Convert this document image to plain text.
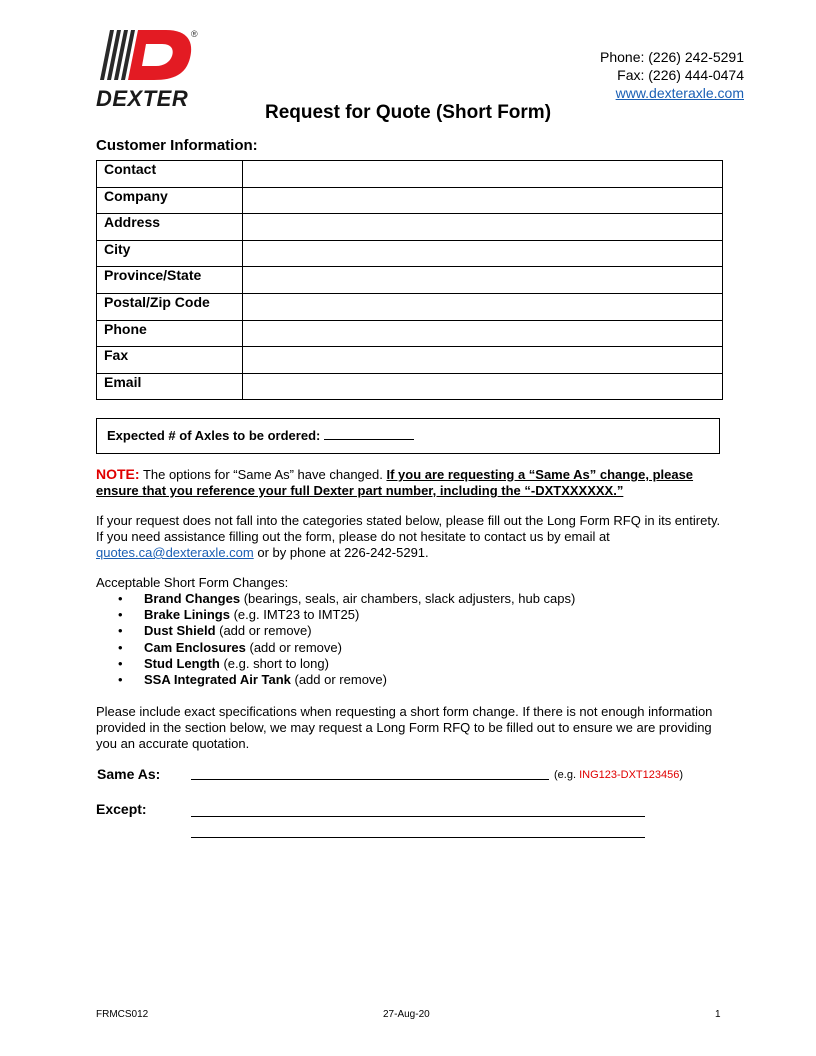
®
DEXTER
Phone: (226) 242-5291
Fax: (226) 444-0474
www.dexteraxle.com
Request for Quote (Short Form)
Customer Information:
Contact	
Company	
Address	
City	
Province/State	
Postal/Zip Code	
Phone	
Fax	
Email	
Expected # of Axles to be ordered:
NOTE: The options for “Same As” have changed. If you are requesting a “Same As” change, please ensure that you reference your full Dexter part number, including the “-DXTXXXXXX.”
If your request does not fall into the categories stated below, please fill out the Long Form RFQ in its entirety. If you need assistance filling out the form, please do not hesitate to contact us by email at quotes.ca@dexteraxle.com or by phone at 226-242-5291.
Acceptable Short Form Changes:
• Brand Changes (bearings, seals, air chambers, slack adjusters, hub caps)
• Brake Linings (e.g. IMT23 to IMT25)
• Dust Shield (add or remove)
• Cam Enclosures (add or remove)
• Stud Length (e.g. short to long)
• SSA Integrated Air Tank (add or remove)
Please include exact specifications when requesting a short form change. If there is not enough information provided in the section below, we may request a Long Form RFQ to be filled out to ensure we are providing you an accurate quotation.
Same As:	(e.g. ING123-DXT123456)
Except:
FRMCS012	27-Aug-20	1
